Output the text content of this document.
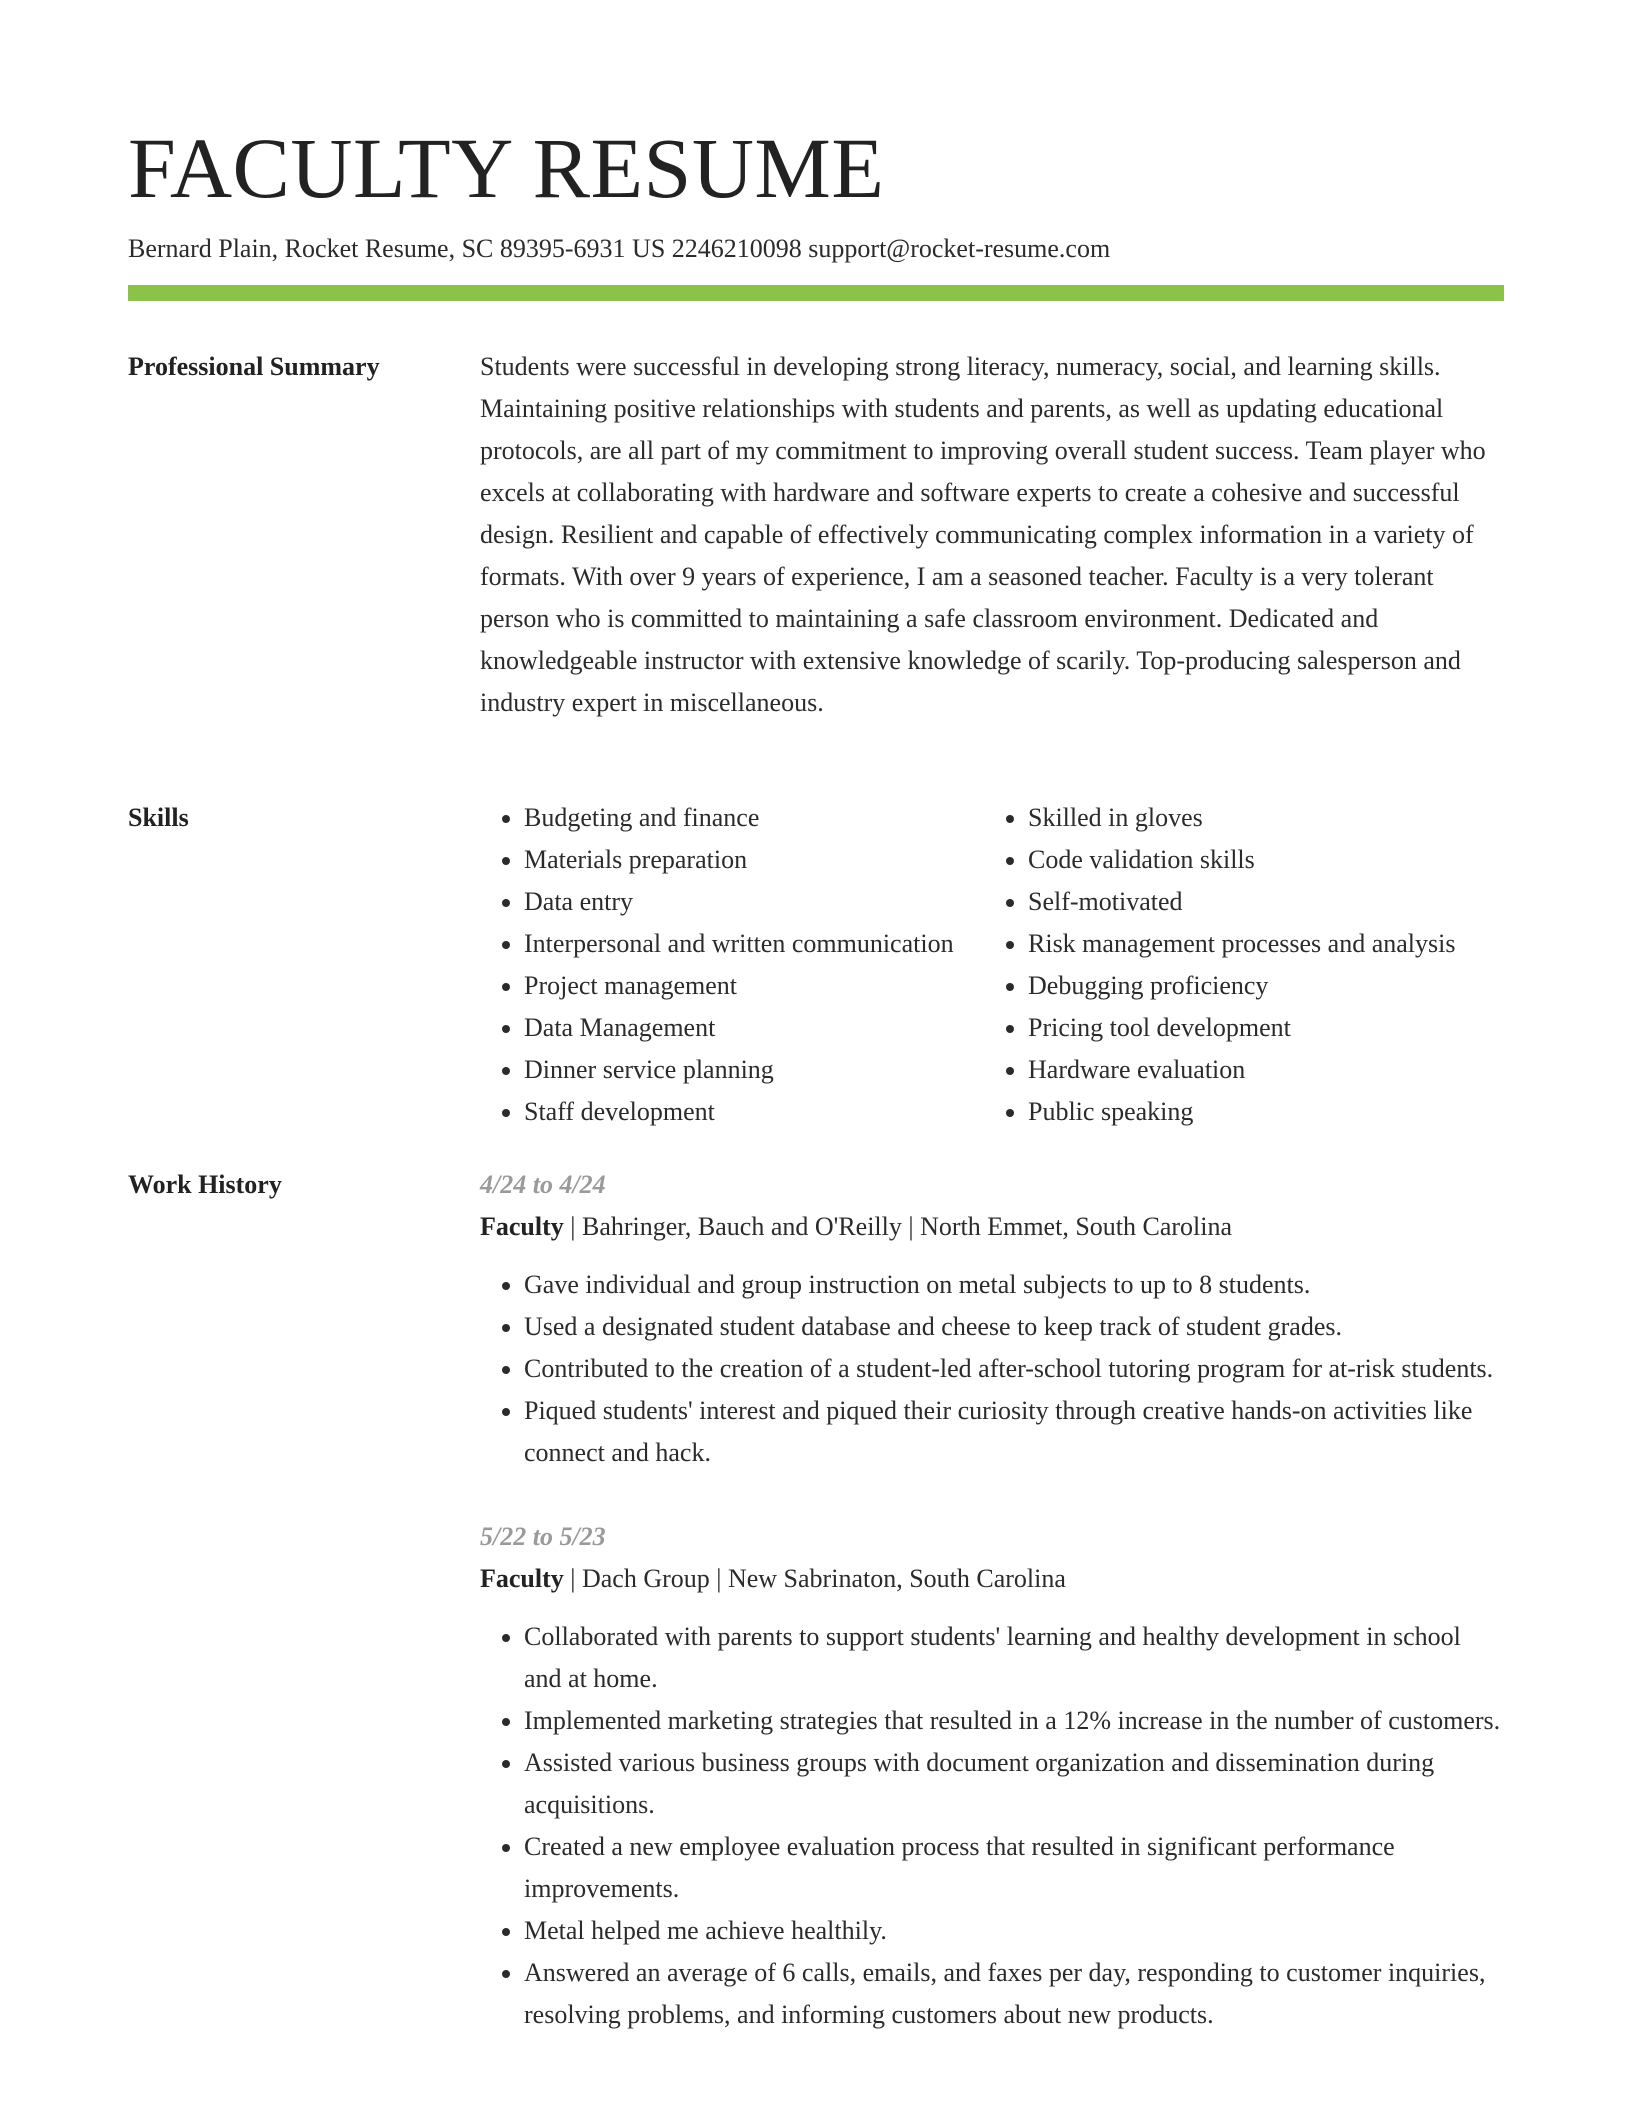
FACULTY RESUME
Bernard Plain, Rocket Resume, SC 89395-6931 US 2246210098 support@rocket-resume.com
Professional Summary	Students were successful in developing strong literacy, numeracy, social, and learning skills. Maintaining positive relationships with students and parents, as well as updating educational protocols, are all part of my commitment to improving overall student success. Team player who excels at collaborating with hardware and software experts to create a cohesive and successful design. Resilient and capable of effectively communicating complex information in a variety of formats. With over 9 years of experience, I am a seasoned teacher. Faculty is a very tolerant person who is committed to maintaining a safe classroom environment. Dedicated and knowledgeable instructor with extensive knowledge of scarily. Top-producing salesperson and industry expert in miscellaneous.

Skills
•	Budgeting and finance
• Materials preparation
• Data entry
• Interpersonal and written communication
• Project management
• Data Management
• Dinner service planning
• Staff development
• Skilled in gloves
• Code validation skills
• Self-motivated
• Risk management processes and analysis
• Debugging proficiency
• Pricing tool development
• Hardware evaluation
• Public speaking
Work History	4/24 to 4/24
Faculty | Bahringer, Bauch and O'Reilly | North Emmet, South Carolina
• Gave individual and group instruction on metal subjects to up to 8 students.
• Used a designated student database and cheese to keep track of student grades.
• Contributed to the creation of a student-led after-school tutoring program for at-risk students.
• Piqued students' interest and piqued their curiosity through creative hands-on activities like connect and hack.
5/22 to 5/23
Faculty | Dach Group | New Sabrinaton, South Carolina
• Collaborated with parents to support students' learning and healthy development in school and at home.
• Implemented marketing strategies that resulted in a 12% increase in the number of customers.
• Assisted various business groups with document organization and dissemination during acquisitions.
• Created a new employee evaluation process that resulted in significant performance improvements.
• Metal helped me achieve healthily.
• Answered an average of 6 calls, emails, and faxes per day, responding to customer inquiries, resolving problems, and informing customers about new products.
